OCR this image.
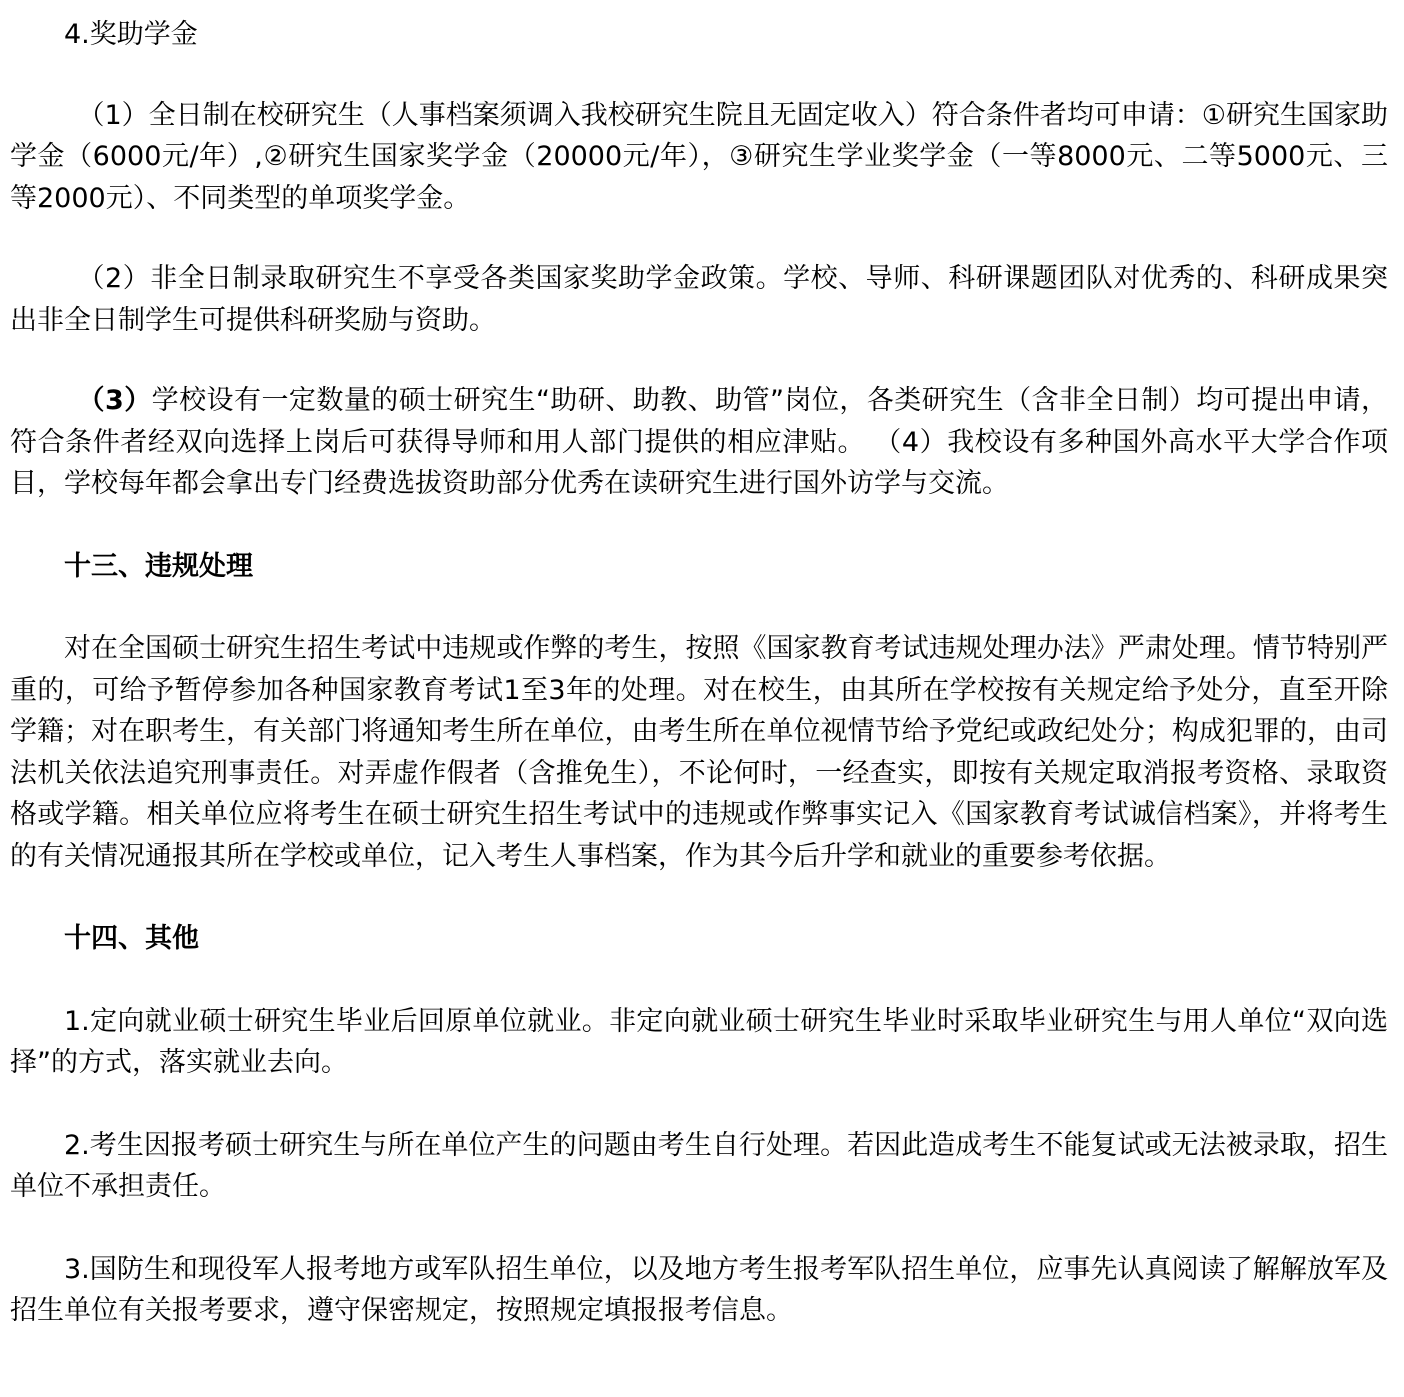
4.奖助学金

（1）全日制在校研究生（人事档案须调入我校研究生院且无固定收入）符合条件者均可申请：①研究生国家助学金（6000元/年）,②研究生国家奖学金（20000元/年），③研究生学业奖学金（一等8000元、二等5000元、三等2000元）、不同类型的单项奖学金。

（2）非全日制录取研究生不享受各类国家奖助学金政策。学校、导师、科研课题团队对优秀的、科研成果突出非全日制学生可提供科研奖励与资助。

（3）学校设有一定数量的硕士研究生“助研、助教、助管”岗位，各类研究生（含非全日制）均可提出申请，符合条件者经双向选择上岗后可获得导师和用人部门提供的相应津贴。 （4）我校设有多种国外高水平大学合作项目，学校每年都会拿出专门经费选拔资助部分优秀在读研究生进行国外访学与交流。

十三、违规处理

对在全国硕士研究生招生考试中违规或作弊的考生，按照《国家教育考试违规处理办法》严肃处理。情节特别严重的，可给予暂停参加各种国家教育考试1至3年的处理。对在校生，由其所在学校按有关规定给予处分，直至开除学籍；对在职考生，有关部门将通知考生所在单位，由考生所在单位视情节给予党纪或政纪处分；构成犯罪的，由司法机关依法追究刑事责任。对弄虚作假者（含推免生），不论何时，一经查实，即按有关规定取消报考资格、录取资格或学籍。相关单位应将考生在硕士研究生招生考试中的违规或作弊事实记入《国家教育考试诚信档案》，并将考生的有关情况通报其所在学校或单位，记入考生人事档案，作为其今后升学和就业的重要参考依据。

十四、其他

1.定向就业硕士研究生毕业后回原单位就业。非定向就业硕士研究生毕业时采取毕业研究生与用人单位“双向选择”的方式，落实就业去向。

2.考生因报考硕士研究生与所在单位产生的问题由考生自行处理。若因此造成考生不能复试或无法被录取，招生单位不承担责任。

3.国防生和现役军人报考地方或军队招生单位，以及地方考生报考军队招生单位，应事先认真阅读了解解放军及招生单位有关报考要求，遵守保密规定，按照规定填报报考信息。
